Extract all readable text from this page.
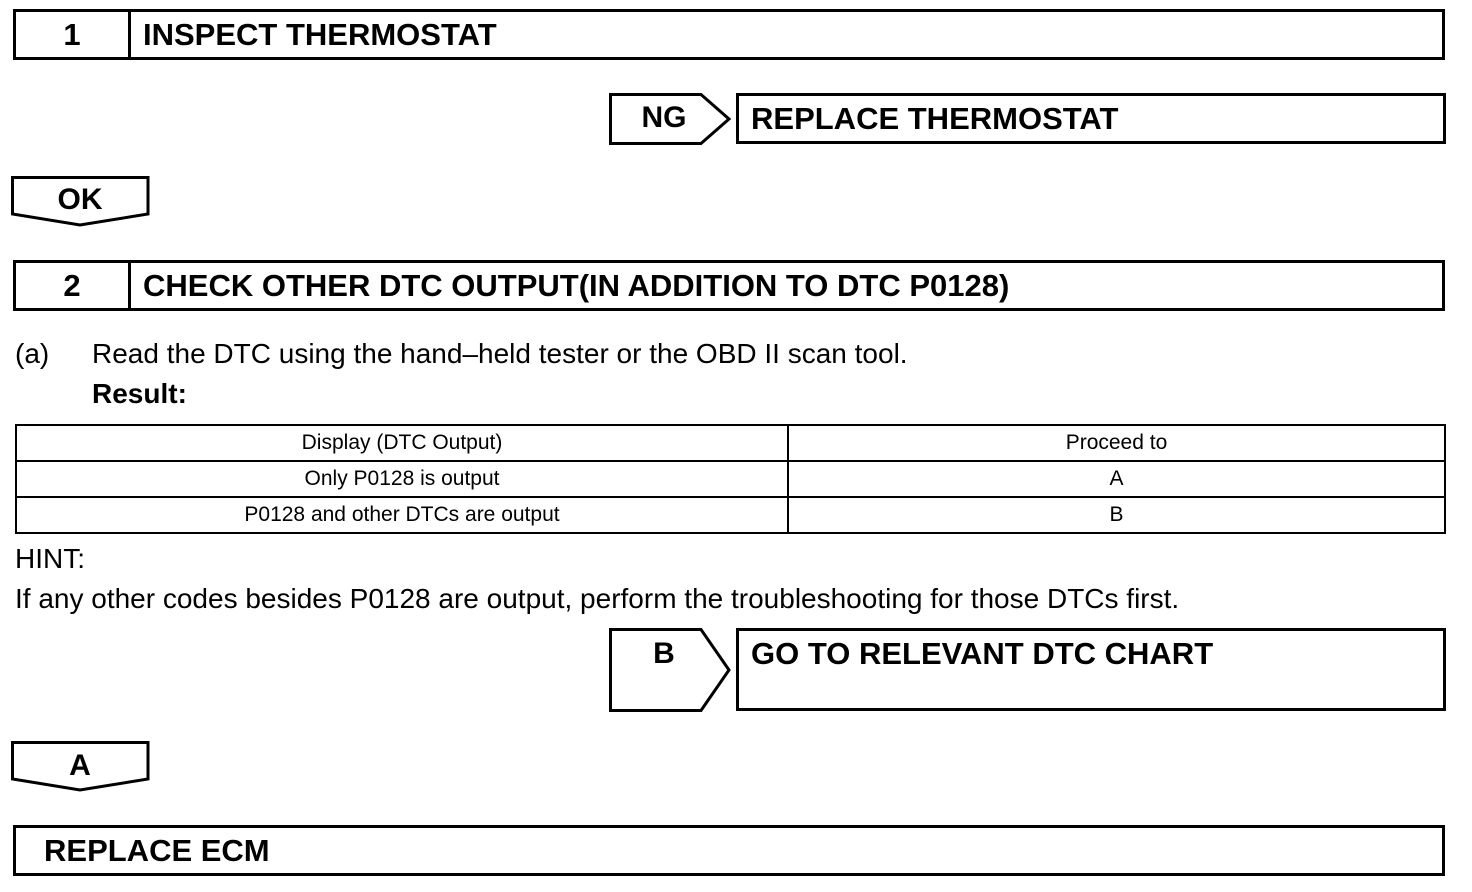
1	INSPECT THERMOSTAT
NG	REPLACE THERMOSTAT
OK
2	CHECK OTHER DTC OUTPUT(IN ADDITION TO DTC P0128)
(a) Read the DTC using the hand–held tester or the OBD II scan tool.
Result:
Display (DTC Output)	Proceed to
Only P0128 is output	A
P0128 and other DTCs are output	B
HINT:
If any other codes besides P0128 are output, perform the troubleshooting for those DTCs first.
B	GO TO RELEVANT DTC CHART
A
REPLACE ECM
